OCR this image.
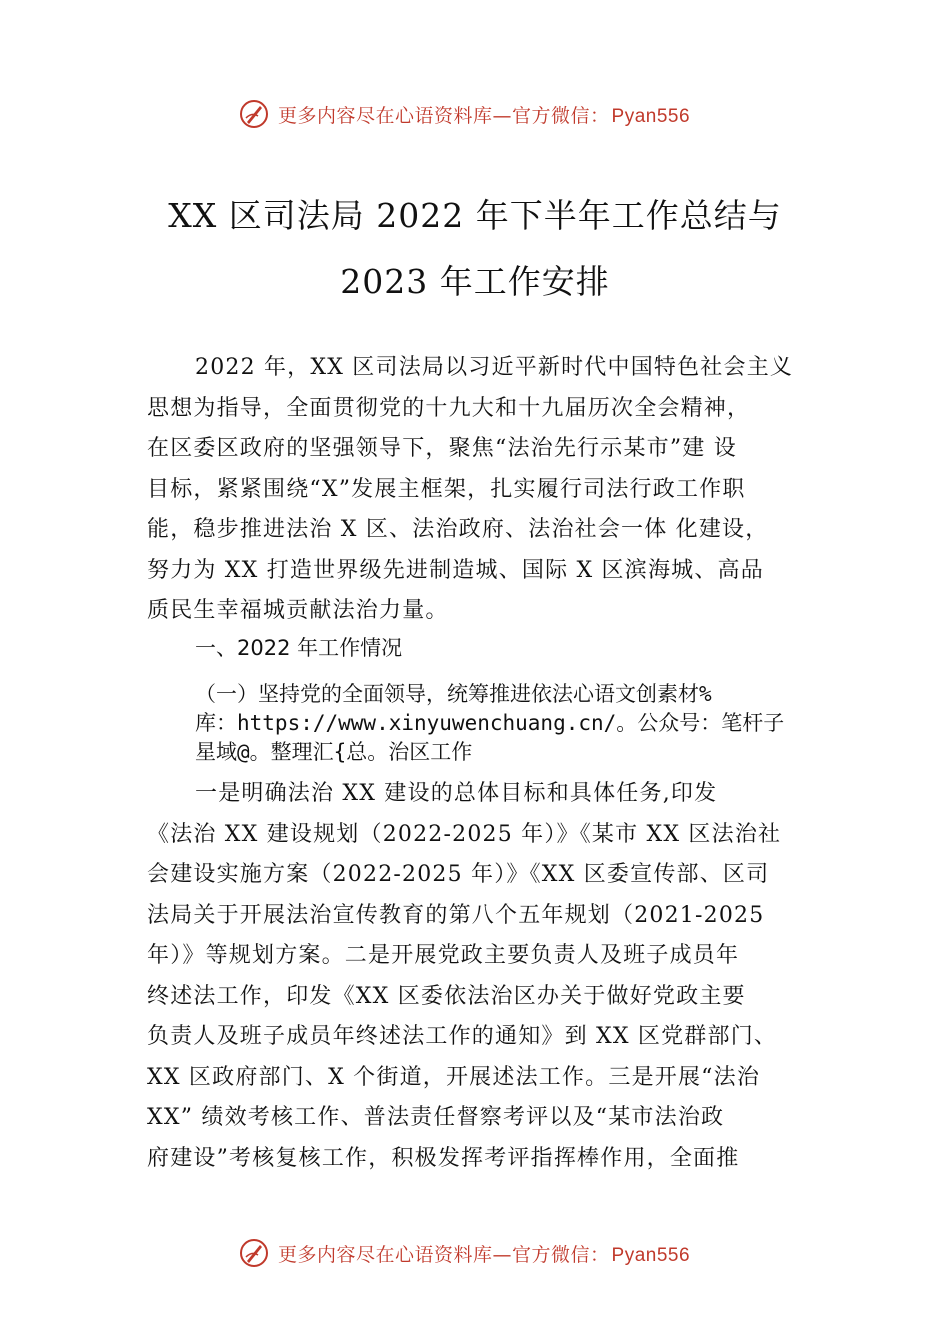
更多内容尽在心语资料库—官方微信： Pyan556
XX 区司法局 2022 年下半年工作总结与
2023 年工作安排
2022 年，XX 区司法局以习近平新时代中国特色社会主义
思想为指导，全面贯彻党的十九大和十九届历次全会精神，
在区委区政府的坚强领导下，聚焦“法治先行示某市”建 设
目标，紧紧围绕“X”发展主框架，扎实履行司法行政工作职
能，稳步推进法治 X 区、法治政府、法治社会一体 化建设，
努力为 XX 打造世界级先进制造城、国际 X 区滨海城、高品
质民生幸福城贡献法治力量。
一、2022 年工作情况
（一）坚持党的全面领导，统筹推进依法心语文创素材%
库：https://www.xinyuwenchuang.cn/。公众号：笔杆子
星域@。整理汇{总。治区工作
一是明确法治 XX 建设的总体目标和具体任务,印发
《法治 XX 建设规划（2022-2025 年）》《某市 XX 区法治社
会建设实施方案（2022-2025 年）》《XX 区委宣传部、区司
法局关于开展法治宣传教育的第八个五年规划（2021-2025
年）》等规划方案。二是开展党政主要负责人及班子成员年
终述法工作，印发《XX 区委依法治区办关于做好党政主要
负责人及班子成员年终述法工作的通知》到 XX 区党群部门、
XX 区政府部门、X 个街道，开展述法工作。三是开展“法治
XX” 绩效考核工作、普法责任督察考评以及“某市法治政
府建设”考核复核工作，积极发挥考评指挥棒作用，全面推
更多内容尽在心语资料库—官方微信： Pyan556
